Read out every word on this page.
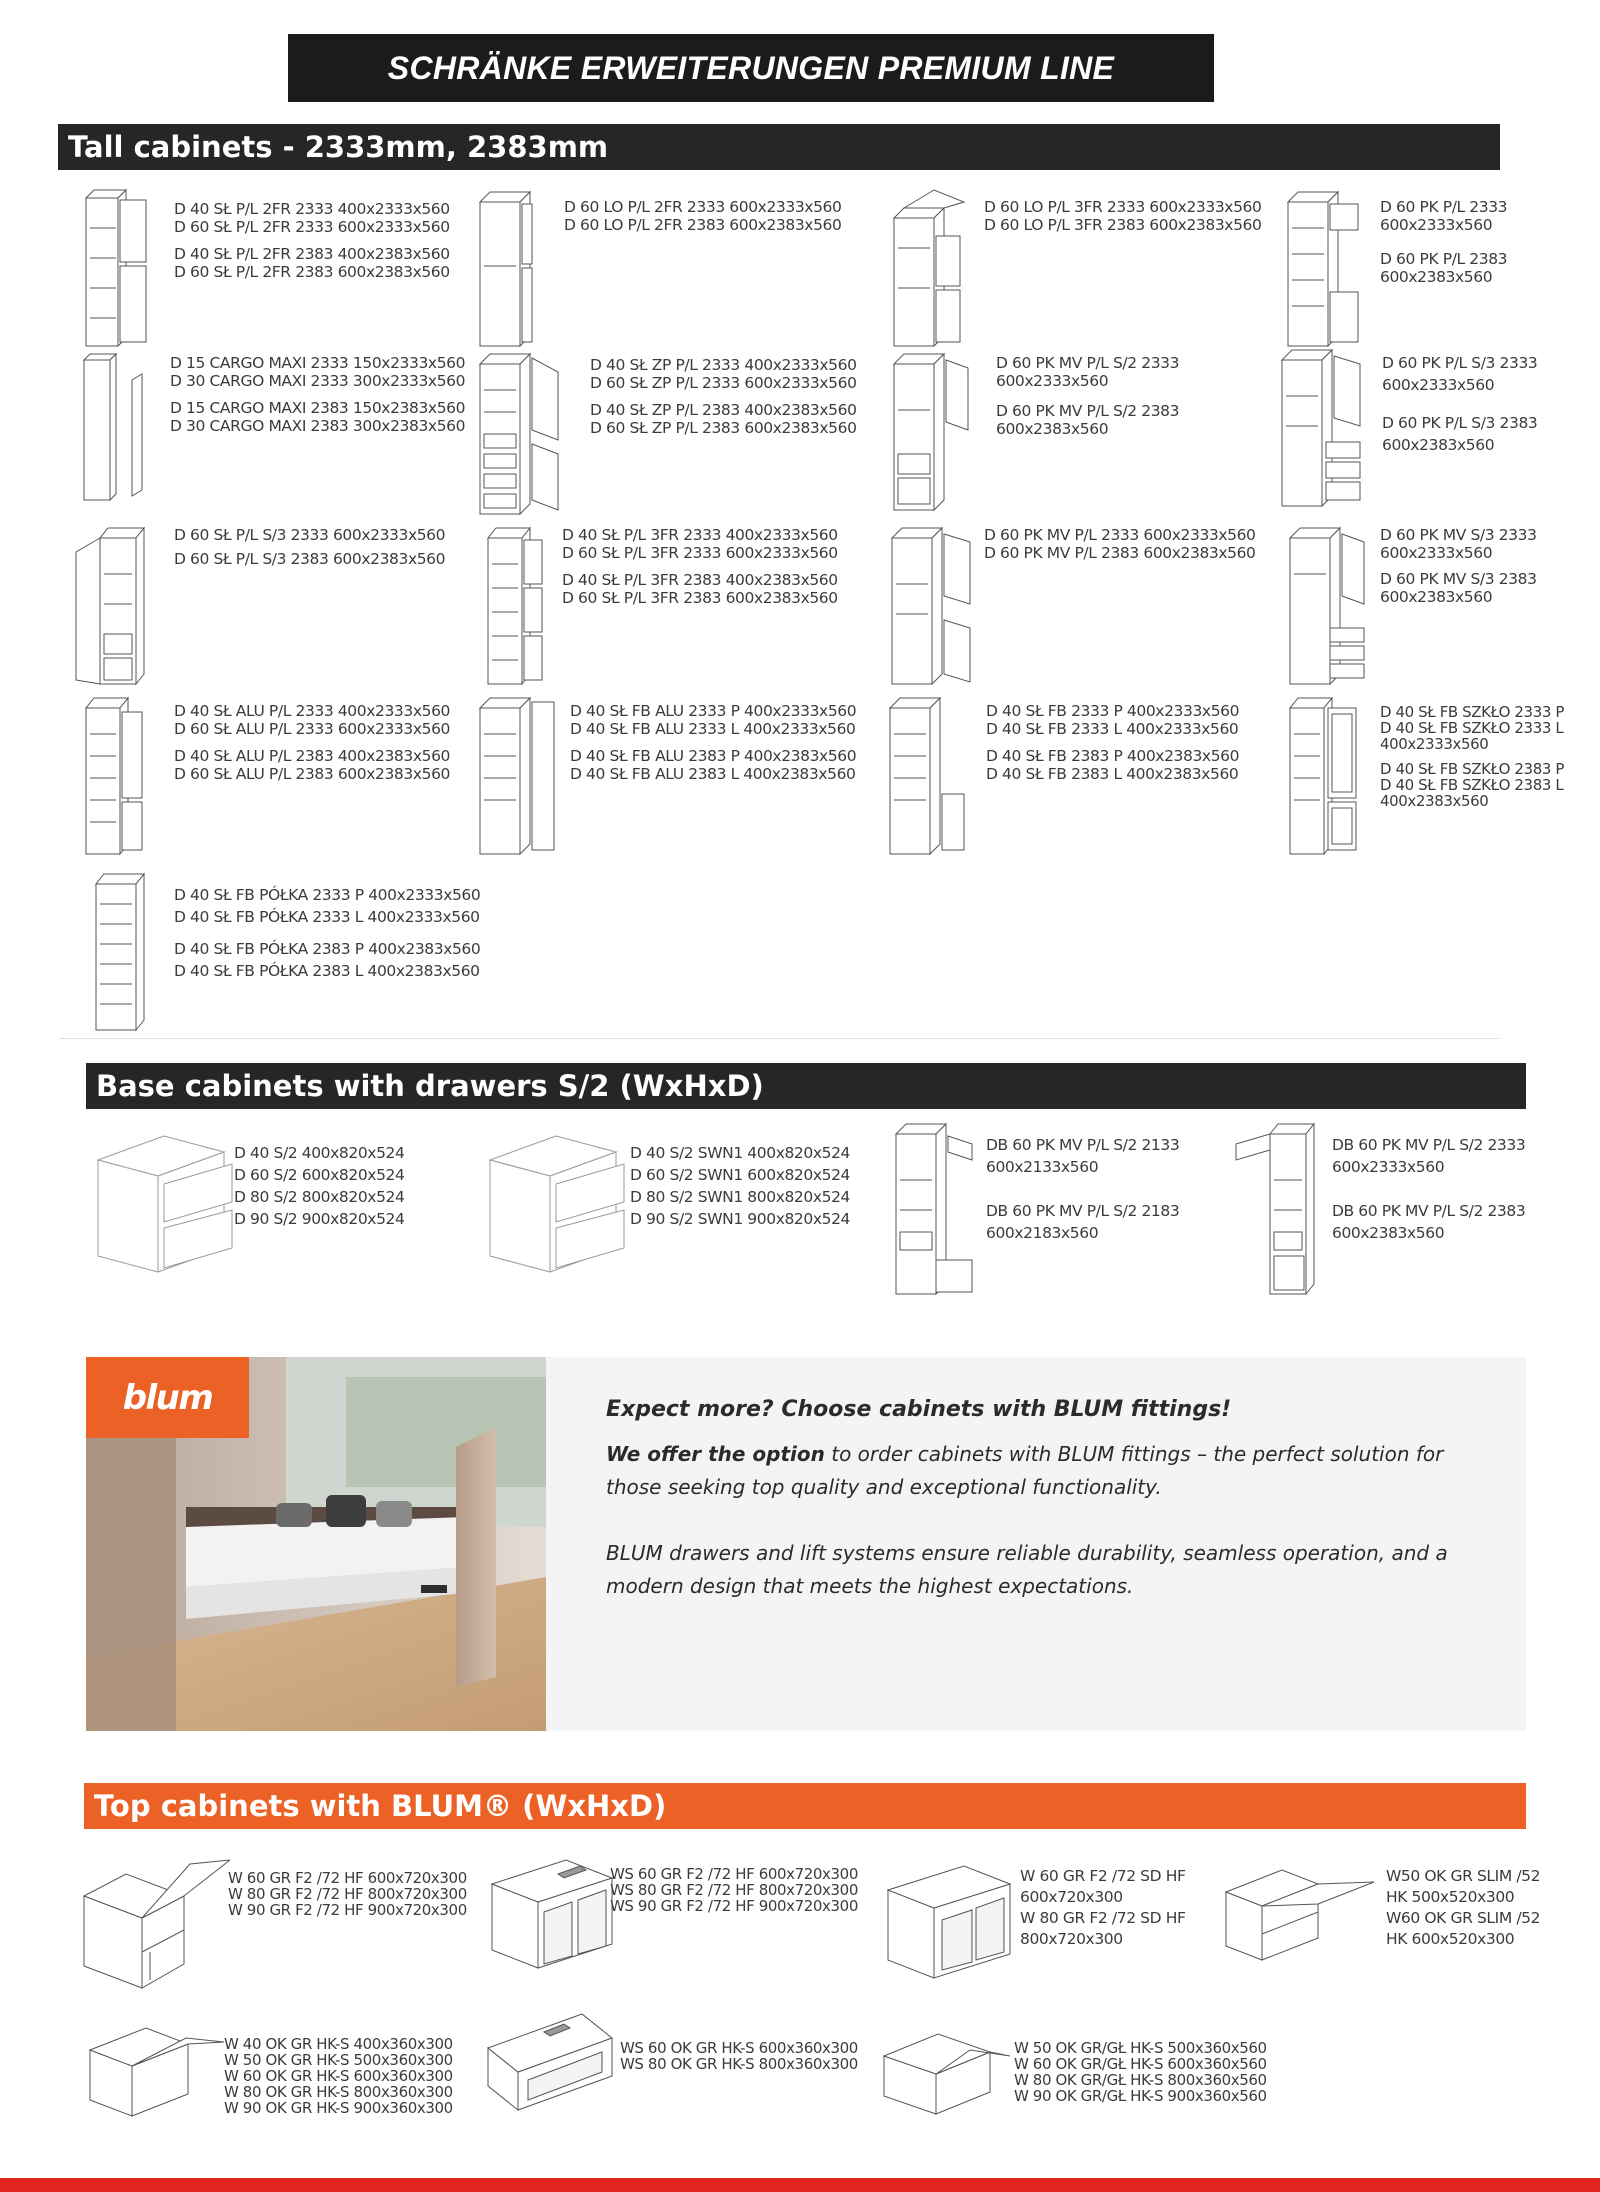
SCHRÄNKE ERWEITERUNGEN PREMIUM LINE
Tall cabinets - 2333mm, 2383mm
D 40 SŁ P/L 2FR 2333 400x2333x560
D 60 SŁ P/L 2FR 2333 600x2333x560
D 40 SŁ P/L 2FR 2383 400x2383x560
D 60 SŁ P/L 2FR 2383 600x2383x560
D 60 LO P/L 2FR 2333 600x2333x560
D 60 LO P/L 2FR 2383 600x2383x560
D 60 LO P/L 3FR 2333 600x2333x560
D 60 LO P/L 3FR 2383 600x2383x560
D 60 PK P/L 2333
600x2333x560
D 60 PK P/L 2383
600x2383x560
D 15 CARGO MAXI 2333 150x2333x560
D 30 CARGO MAXI 2333 300x2333x560
D 15 CARGO MAXI 2383 150x2383x560
D 30 CARGO MAXI 2383 300x2383x560
D 40 SŁ ZP P/L 2333 400x2333x560
D 60 SŁ ZP P/L 2333 600x2333x560
D 40 SŁ ZP P/L 2383 400x2383x560
D 60 SŁ ZP P/L 2383 600x2383x560
D 60 PK MV P/L S/2 2333
600x2333x560
D 60 PK MV P/L S/2 2383
600x2383x560
D 60 PK P/L S/3 2333
600x2333x560
D 60 PK P/L S/3 2383
600x2383x560
D 60 SŁ P/L S/3 2333 600x2333x560
D 60 SŁ P/L S/3 2383 600x2383x560
D 40 SŁ P/L 3FR 2333 400x2333x560
D 60 SŁ P/L 3FR 2333 600x2333x560
D 40 SŁ P/L 3FR 2383 400x2383x560
D 60 SŁ P/L 3FR 2383 600x2383x560
D 60 PK MV P/L 2333 600x2333x560
D 60 PK MV P/L 2383 600x2383x560
D 60 PK MV S/3 2333
600x2333x560
D 60 PK MV S/3 2383
600x2383x560
D 40 SŁ ALU P/L 2333 400x2333x560
D 60 SŁ ALU P/L 2333 600x2333x560
D 40 SŁ ALU P/L 2383 400x2383x560
D 60 SŁ ALU P/L 2383 600x2383x560
D 40 SŁ FB ALU 2333 P 400x2333x560
D 40 SŁ FB ALU 2333 L 400x2333x560
D 40 SŁ FB ALU 2383 P 400x2383x560
D 40 SŁ FB ALU 2383 L 400x2383x560
D 40 SŁ FB 2333 P 400x2333x560
D 40 SŁ FB 2333 L 400x2333x560
D 40 SŁ FB 2383 P 400x2383x560
D 40 SŁ FB 2383 L 400x2383x560
D 40 SŁ FB SZKŁO 2333 P
D 40 SŁ FB SZKŁO 2333 L
400x2333x560
D 40 SŁ FB SZKŁO 2383 P
D 40 SŁ FB SZKŁO 2383 L
400x2383x560
D 40 SŁ FB PÓŁKA 2333 P 400x2333x560
D 40 SŁ FB PÓŁKA 2333 L 400x2333x560
D 40 SŁ FB PÓŁKA 2383 P 400x2383x560
D 40 SŁ FB PÓŁKA 2383 L 400x2383x560
Base cabinets with drawers S/2 (WxHxD)
D 40 S/2 400x820x524
D 60 S/2 600x820x524
D 80 S/2 800x820x524
D 90 S/2 900x820x524
D 40 S/2 SWN1 400x820x524
D 60 S/2 SWN1 600x820x524
D 80 S/2 SWN1 800x820x524
D 90 S/2 SWN1 900x820x524
DB 60 PK MV P/L S/2 2133
600x2133x560
DB 60 PK MV P/L S/2 2183
600x2183x560
DB 60 PK MV P/L S/2 2333
600x2333x560
DB 60 PK MV P/L S/2 2383
600x2383x560
blum	Expect more? Choose cabinets with BLUM fittings!
We offer the option to order cabinets with BLUM fittings – the perfect solution for those seeking top quality and exceptional functionality.
BLUM drawers and lift systems ensure reliable durability, seamless operation, and a modern design that meets the highest expectations.
Top cabinets with BLUM® (WxHxD)
W 60 GR F2 /72 HF 600x720x300
W 80 GR F2 /72 HF 800x720x300
W 90 GR F2 /72 HF 900x720x300
WS 60 GR F2 /72 HF 600x720x300
WS 80 GR F2 /72 HF 800x720x300
WS 90 GR F2 /72 HF 900x720x300
W 60 GR F2 /72 SD HF
600x720x300
W 80 GR F2 /72 SD HF
800x720x300
W50 OK GR SLIM /52
HK 500x520x300
W60 OK GR SLIM /52
HK 600x520x300
W 40 OK GR HK-S 400x360x300
W 50 OK GR HK-S 500x360x300
W 60 OK GR HK-S 600x360x300
W 80 OK GR HK-S 800x360x300
W 90 OK GR HK-S 900x360x300
WS 60 OK GR HK-S 600x360x300
WS 80 OK GR HK-S 800x360x300
W 50 OK GR/GŁ HK-S 500x360x560
W 60 OK GR/GŁ HK-S 600x360x560
W 80 OK GR/GŁ HK-S 800x360x560
W 90 OK GR/GŁ HK-S 900x360x560
